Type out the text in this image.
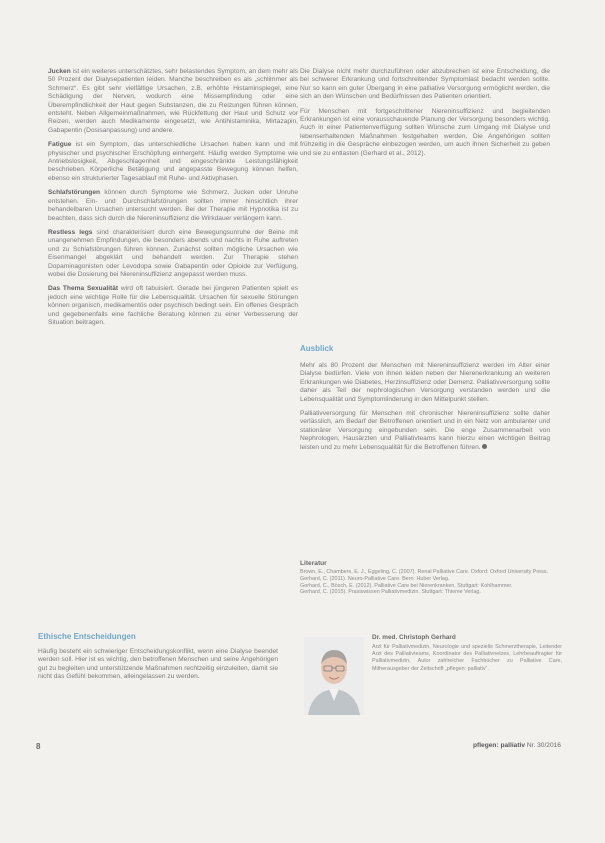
Jucken ist ein weiteres unterschätztes, sehr belastendes Symptom, an dem mehr als 50 Prozent der Dialysepatienten leiden. Manche beschreiben es als „schlimmer als Schmerz“. Es gibt sehr vielfältige Ursachen, z.B. erhöhte Histaminspiegel, eine Schädigung der Nerven, wodurch eine Missempfindung oder eine Überempfindlichkeit der Haut gegen Substanzen, die zu Reizungen führen können, entsteht. Neben Allgemeinmaßnahmen, wie Rückfettung der Haut und Schutz vor Reizen, werden auch Medikamente eingesetzt, wie Antihistaminika, Mirtazapin, Gabapentin (Dosisanpassung) und andere.

Fatigue ist ein Symptom, das unterschiedliche Ursachen haben kann und mit physischer und psychischer Erschöpfung einhergeht. Häufig werden Symptome wie Antriebslosigkeit, Abgeschlagenheit und eingeschränkte Leistungsfähigkeit beschrieben. Körperliche Betätigung und angepasste Bewegung können helfen, ebenso ein strukturierter Tagesablauf mit Ruhe- und Aktivphasen.

Schlafstörungen können durch Symptome wie Schmerz, Jucken oder Unruhe entstehen. Ein- und Durchschlafstörungen sollten immer hinsichtlich ihrer behandelbaren Ursachen untersucht werden. Bei der Therapie mit Hypnotika ist zu beachten, dass sich durch die Niereninsuffizienz die Wirkdauer verlängern kann.

Restless legs sind charakterisiert durch eine Bewegungsunruhe der Beine mit unangenehmen Empfindungen, die besonders abends und nachts in Ruhe auftreten und zu Schlafstörungen führen können. Zunächst sollten mögliche Ursachen wie Eisenmangel abgeklärt und behandelt werden. Zur Therapie stehen Dopaminagonisten oder Levodopa sowie Gabapentin oder Opioide zur Verfügung, wobei die Dosierung bei Niereninsuffizienz angepasst werden muss.

Das Thema Sexualität wird oft tabuisiert. Gerade bei jüngeren Patienten spielt es jedoch eine wichtige Rolle für die Lebensqualität. Ursachen für sexuelle Störungen können organisch, medikamentös oder psychisch bedingt sein. Ein offenes Gespräch und gegebenenfalls eine fachliche Beratung können zu einer Verbesserung der Situation beitragen.

Ethische Entscheidungen

Häufig besteht ein schwieriger Entscheidungskonflikt, wenn eine Dialyse beendet werden soll. Hier ist es wichtig, den betroffenen Menschen und seine Angehörigen gut zu begleiten und unterstützende Maßnahmen rechtzeitig einzuleiten, damit sie nicht das Gefühl bekommen, alleingelassen zu werden.

Die Dialyse nicht mehr durchzuführen oder abzubrechen ist eine Entscheidung, die bei schwerer Erkrankung und fortschreitender Symptomlast bedacht werden sollte. Nur so kann ein guter Übergang in eine palliative Versorgung ermöglicht werden, die sich an den Wünschen und Bedürfnissen des Patienten orientiert.

Für Menschen mit fortgeschrittener Niereninsuffizienz und begleitenden Erkrankungen ist eine vorausschauende Planung der Versorgung besonders wichtig. Auch in einer Patientenverfügung sollten Wünsche zum Umgang mit Dialyse und lebenserhaltenden Maßnahmen festgehalten werden. Die Angehörigen sollten frühzeitig in die Gespräche einbezogen werden, um auch ihnen Sicherheit zu geben und sie zu entlasten (Gerhard et al., 2012).

Ausblick

Mehr als 80 Prozent der Menschen mit Niereninsuffizienz werden im Alter einer Dialyse bedürfen. Viele von ihnen leiden neben der Nierenerkrankung an weiteren Erkrankungen wie Diabetes, Herzinsuffizienz oder Demenz. Palliativversorgung sollte daher als Teil der nephrologischen Versorgung verstanden werden und die Lebensqualität und Symptomlinderung in den Mittelpunkt stellen.

Palliativversorgung für Menschen mit chronischer Niereninsuffizienz sollte daher verlässlich, am Bedarf der Betroffenen orientiert und in ein Netz von ambulanter und stationärer Versorgung eingebunden sein. Die enge Zusammenarbeit von Nephrologen, Hausärzten und Palliativteams kann hierzu einen wichtigen Beitrag leisten und zu mehr Lebensqualität für die Betroffenen führen.

Literatur

Brown, E., Chambers, E. J., Eggeling, C. (2007). Renal Palliative Care. Oxford: Oxford University Press.

Gerhard, C. (2011). Neuro-Palliative Care. Bern: Huber Verlag.

Gerhard, C., Bösch, E. (2012). Palliative Care bei Nierenkranken. Stuttgart: Kohlhammer.

Gerhard, C. (2015). Praxiswissen Palliativmedizin. Stuttgart: Thieme Verlag.

Dr. med. Christoph Gerhard

Arzt für Palliativmedizin, Neurologie und spezielle Schmerztherapie, Leitender Arzt des Palliativteams, Koordinator des Palliativnetzes, Lehrbeauftragter für Palliativmedizin, Autor zahlreicher Fachbücher zu Palliative Care, Mitherausgeber der Zeitschrift „pflegen: palliativ“.

8	pflegen: palliativ Nr. 30/2016
